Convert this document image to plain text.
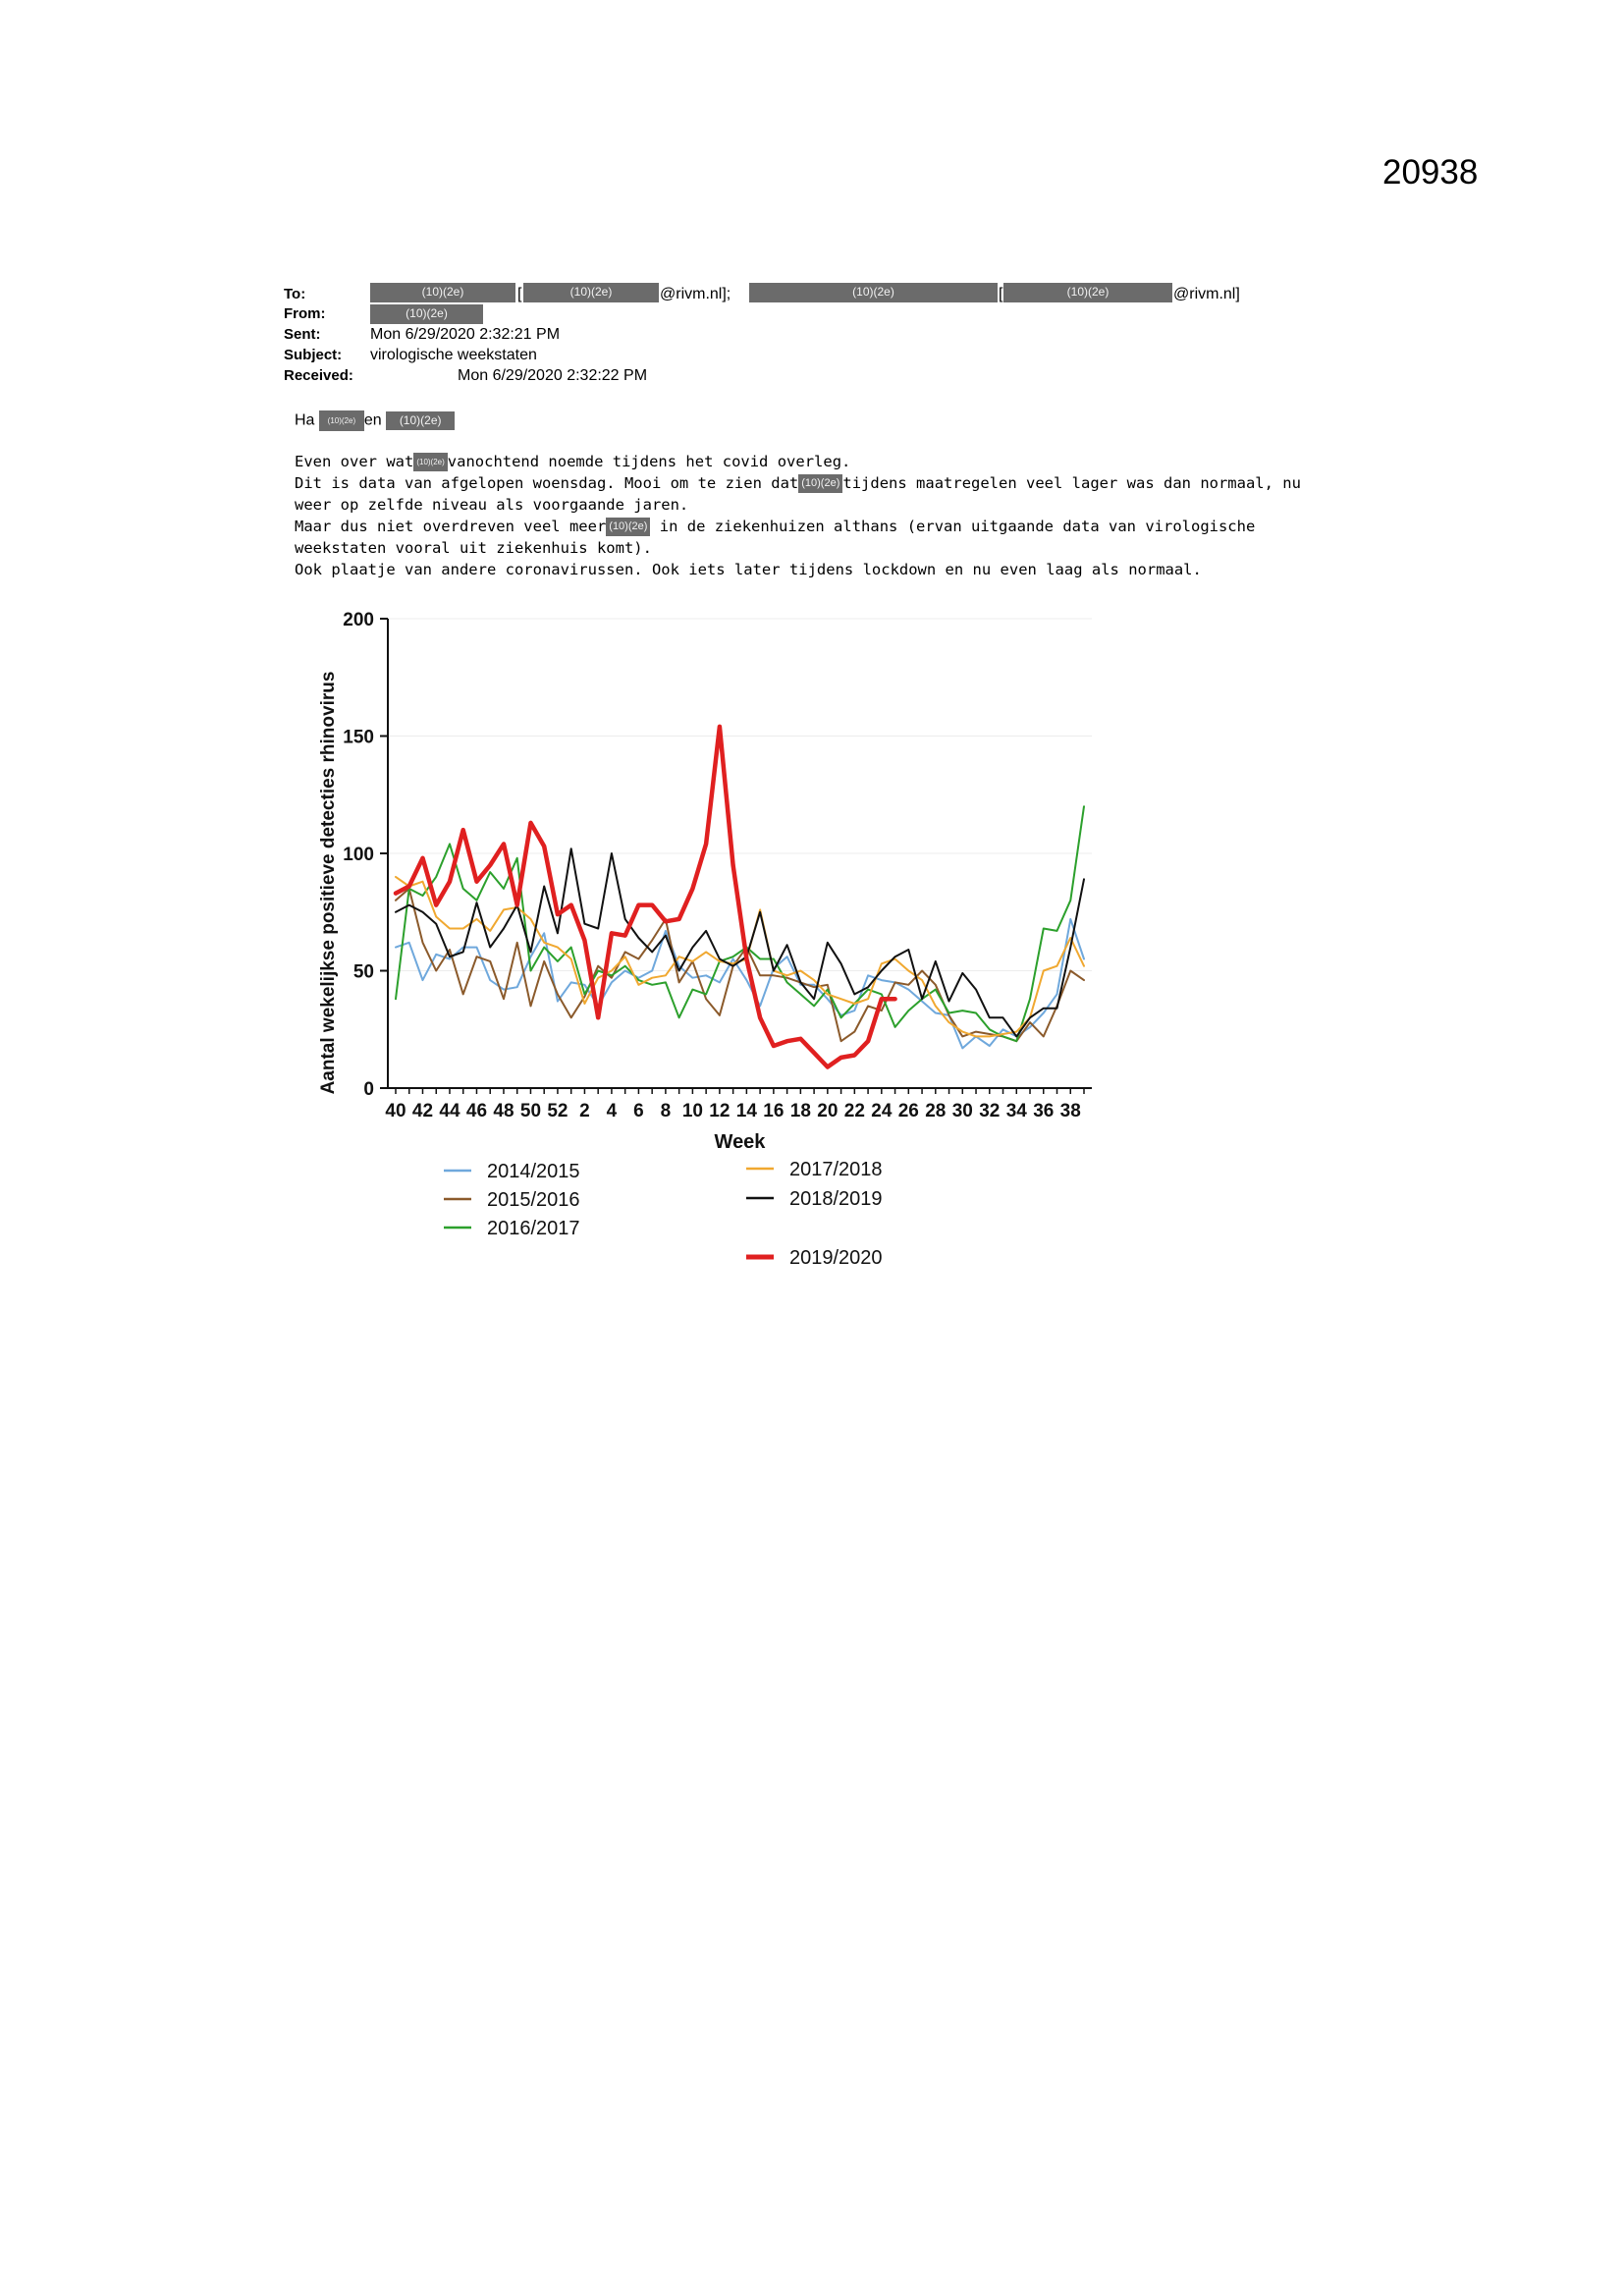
20938
To:	(10)(2e)	[	(10)(2e)	@rivm.nl];	(10)(2e)	[	(10)(2e)	@rivm.nl]
From:	(10)(2e)
Sent:	Mon 6/29/2020 2:32:21 PM
Subject: virologische weekstaten
Received:	Mon 6/29/2020 2:32:22 PM
Ha (10)(2e) en (10)(2e)
Even over wat (10)(2e) vanochtend noemde tijdens het covid overleg.
Dit is data van afgelopen woensdag. Mooi om te zien dat (10)(2e) tijdens maatregelen veel lager was dan normaal, nu
weer op zelfde niveau als voorgaande jaren.
Maar dus niet overdreven veel meer (10)(2e) in de ziekenhuizen althans (ervan uitgaande data van virologische
weekstaten vooral uit ziekenhuis komt).
Ook plaatje van andere coronavirussen. Ook iets later tijdens lockdown en nu even laag als normaal.
0
50
100
150
200
40 42 44 46 48 50 52 2 4 6 8 10 12 14 16 18 20 22 24 26 28 30 32 34 36 38
Week
Aantal wekelijkse positieve detecties rhinovirus
2014/2015
2015/2016
2016/2017
2017/2018
2018/2019
2019/2020
